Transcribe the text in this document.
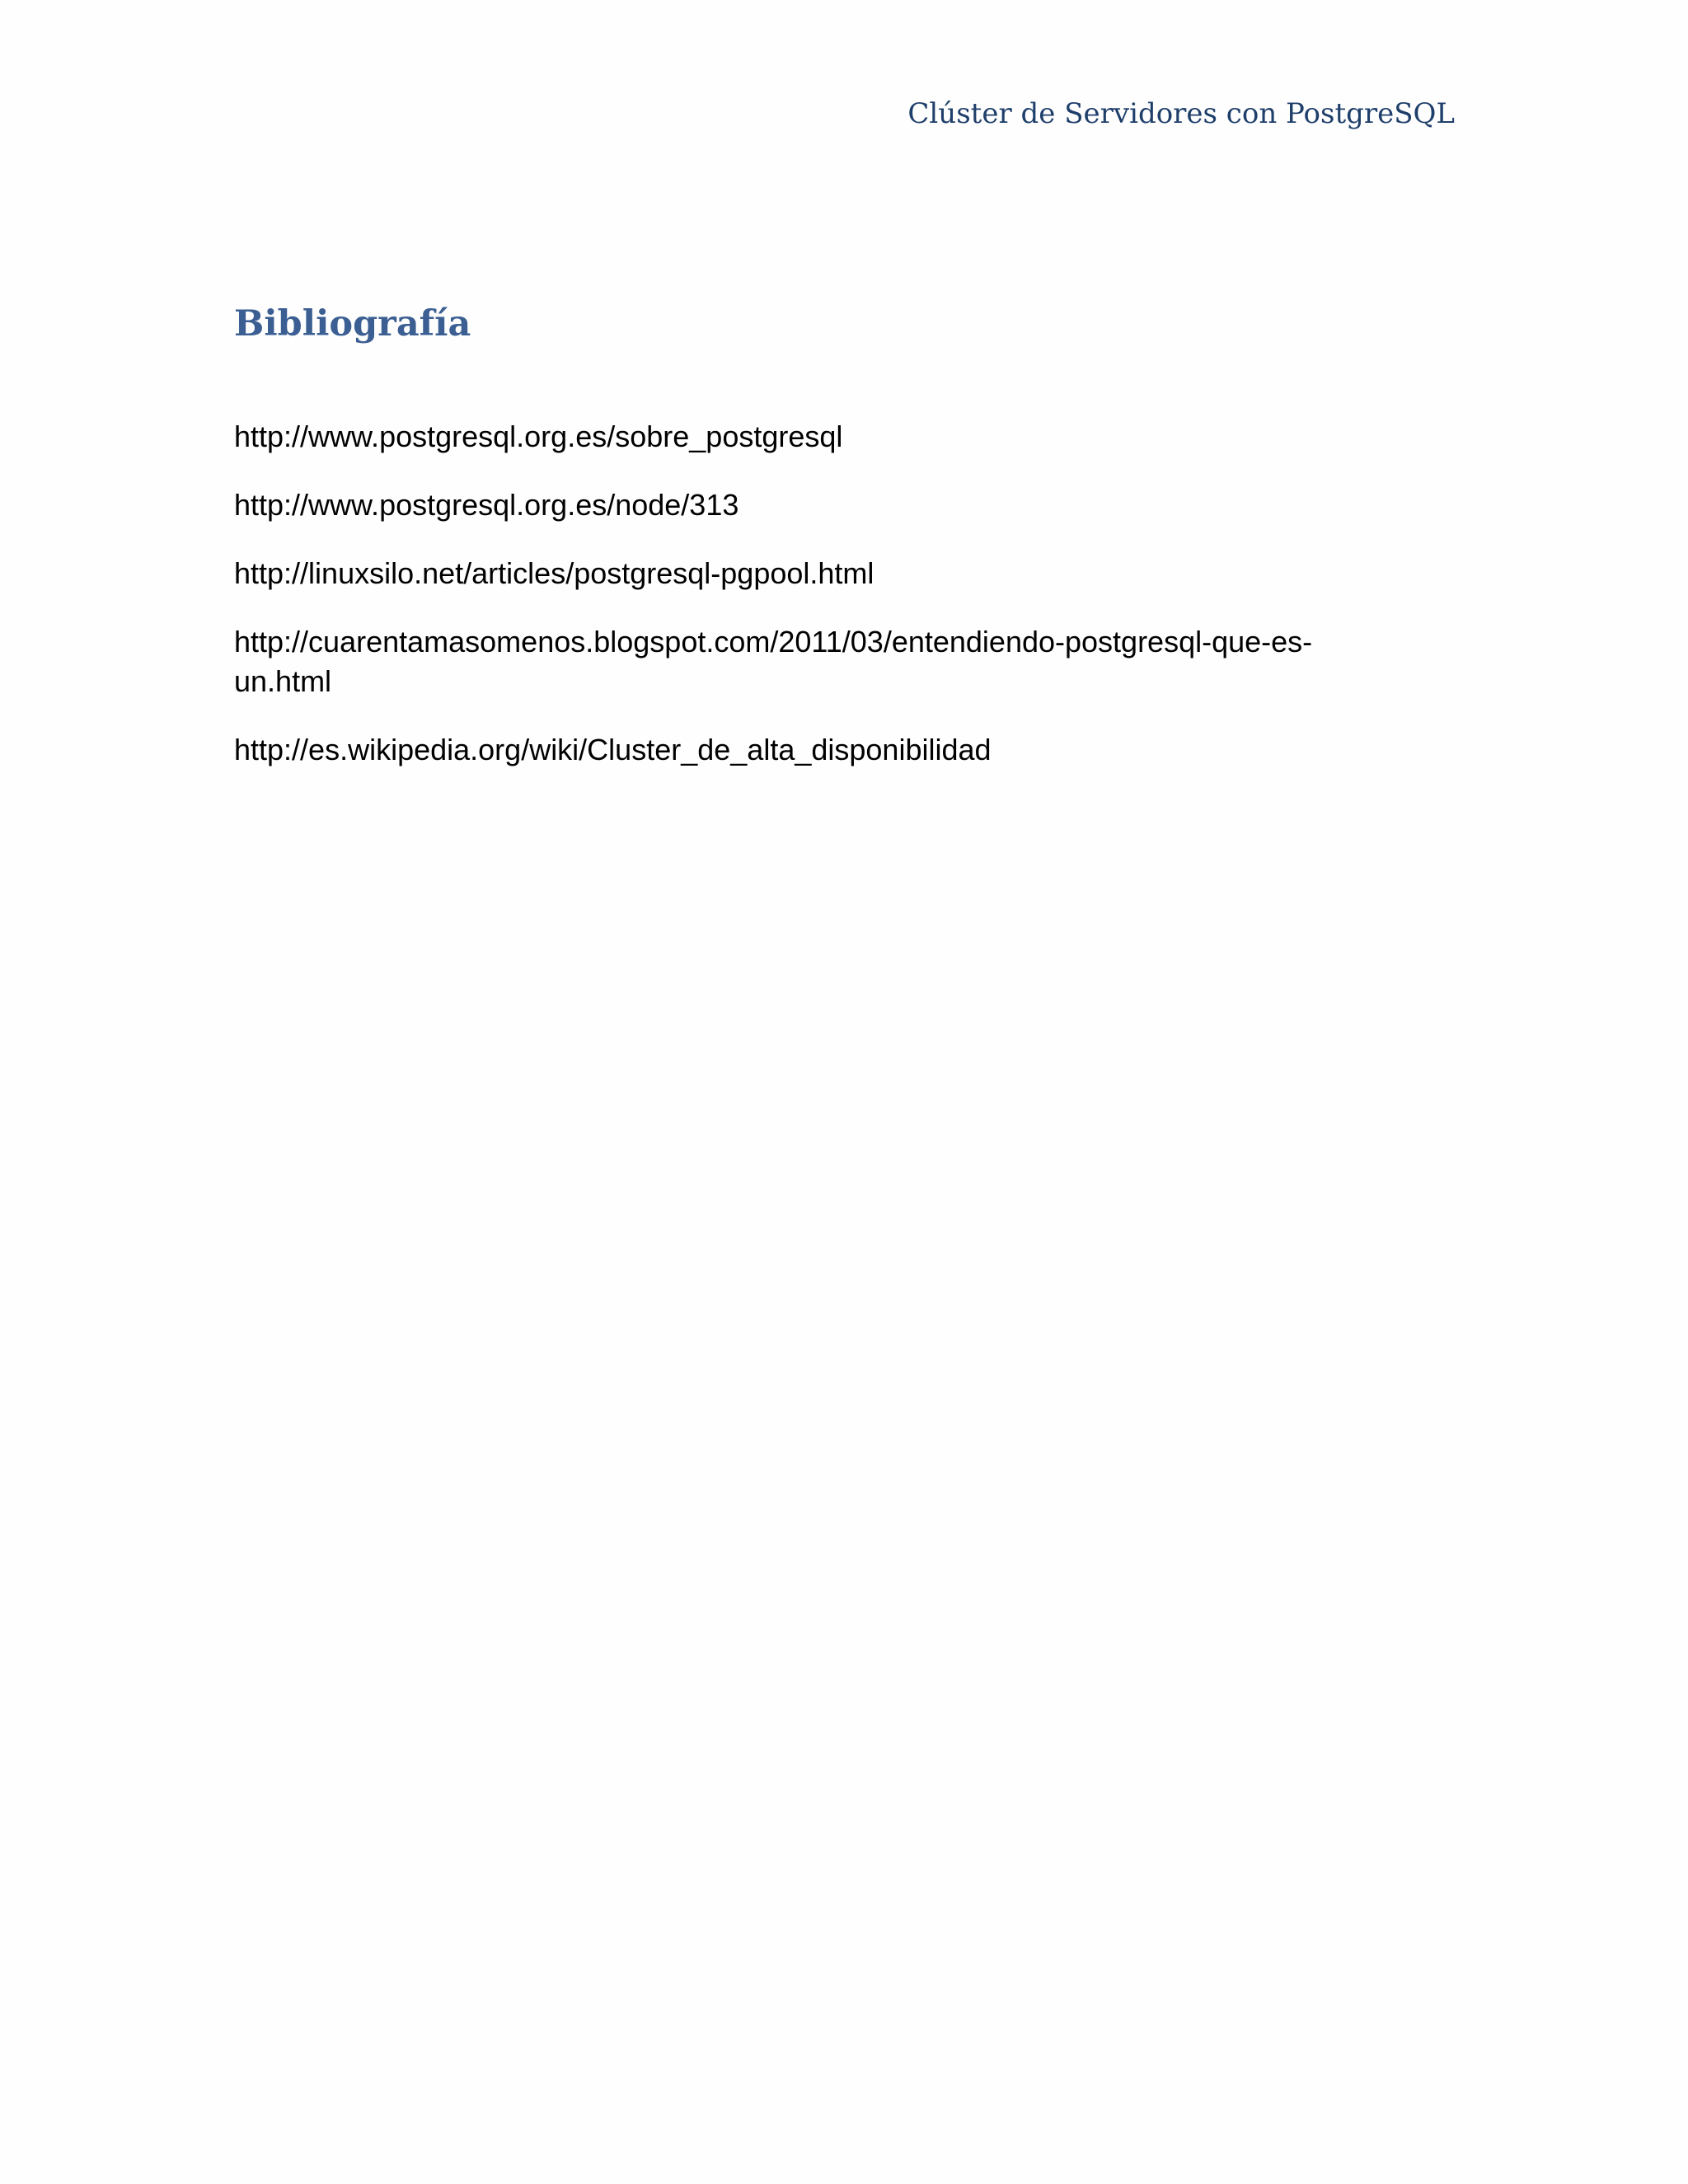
Clúster de Servidores con PostgreSQL
Bibliografía
http://www.postgresql.org.es/sobre_postgresql
http://www.postgresql.org.es/node/313
http://linuxsilo.net/articles/postgresql-pgpool.html
http://cuarentamasomenos.blogspot.com/2011/03/entendiendo-postgresql-que-es-un.html
http://es.wikipedia.org/wiki/Cluster_de_alta_disponibilidad
